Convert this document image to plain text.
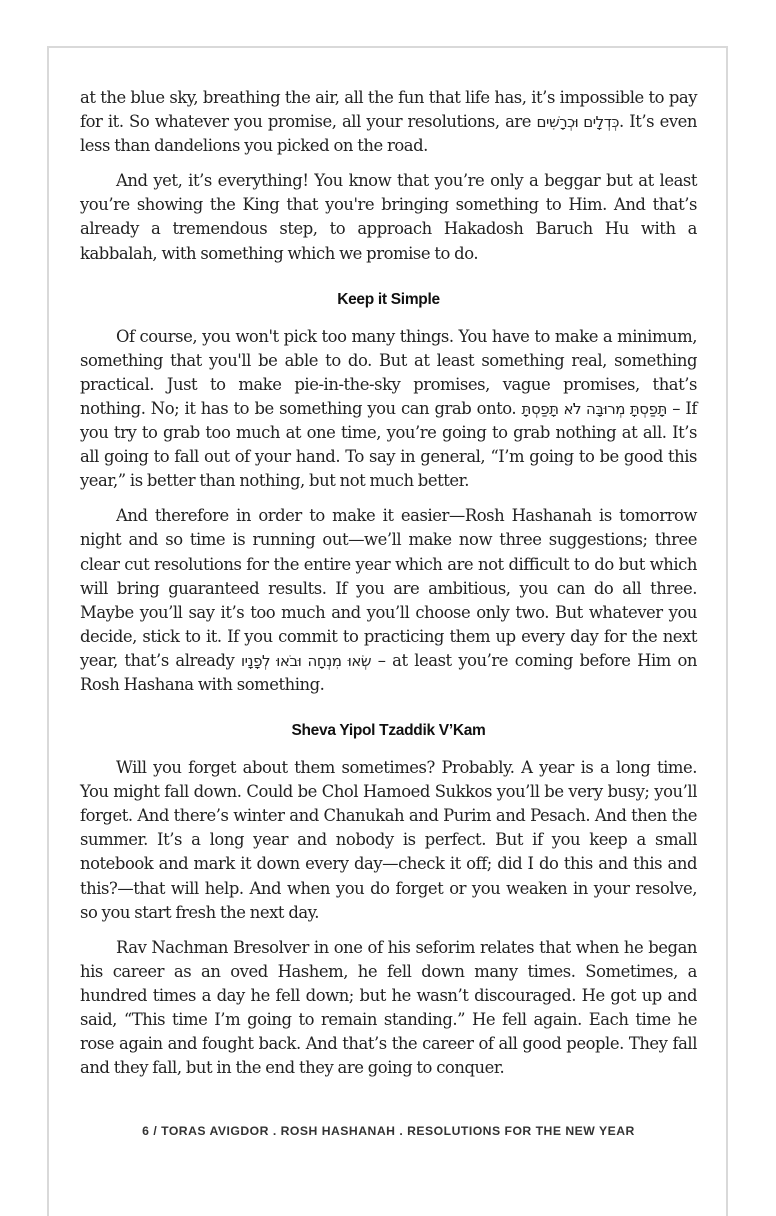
at the blue sky, breathing the air, all the fun that life has, it’s impossible to pay for it. So whatever you promise, all your resolutions, are כְּדְלָים וּכְרָשִׁים. It’s even less than dandelions you picked on the road.

And yet, it’s everything! You know that you’re only a beggar but at least you’re showing the King that you're bringing something to Him. And that’s already a tremendous step, to approach Hakadosh Baruch Hu with a kabbalah, with something which we promise to do.

Keep it Simple

Of course, you won't pick too many things. You have to make a minimum, something that you'll be able to do. But at least something real, something practical. Just to make pie-in-the-sky promises, vague promises, that’s nothing. No; it has to be something you can grab onto. תָּפַסְתָּ מְרוּבָּה לֹא תָּפַסְתָּ – If you try to grab too much at one time, you’re going to grab nothing at all. It’s all going to fall out of your hand. To say in general, “I’m going to be good this year,” is better than nothing, but not much better.

And therefore in order to make it easier—Rosh Hashanah is tomorrow night and so time is running out—we’ll make now three suggestions; three clear cut resolutions for the entire year which are not difficult to do but which will bring guaranteed results. If you are ambitious, you can do all three. Maybe you’ll say it’s too much and you’ll choose only two. But whatever you decide, stick to it. If you commit to practicing them up every day for the next year, that’s already שְׂאוּ מִנְחָה וּבֹאוּ לְפָנָיו – at least you’re coming before Him on Rosh Hashana with something.

Sheva Yipol Tzaddik V’Kam

Will you forget about them sometimes? Probably. A year is a long time. You might fall down. Could be Chol Hamoed Sukkos you’ll be very busy; you’ll forget. And there’s winter and Chanukah and Purim and Pesach. And then the summer. It’s a long year and nobody is perfect. But if you keep a small notebook and mark it down every day—check it off; did I do this and this and this?—that will help. And when you do forget or you weaken in your resolve, so you start fresh the next day.

Rav Nachman Bresolver in one of his seforim relates that when he began his career as an oved Hashem, he fell down many times. Sometimes, a hundred times a day he fell down; but he wasn’t discouraged. He got up and said, “This time I’m going to remain standing.” He fell again. Each time he rose again and fought back. And that’s the career of all good people. They fall and they fall, but in the end they are going to conquer.

6 / TORAS AVIGDOR . ROSH HASHANAH . RESOLUTIONS FOR THE NEW YEAR
